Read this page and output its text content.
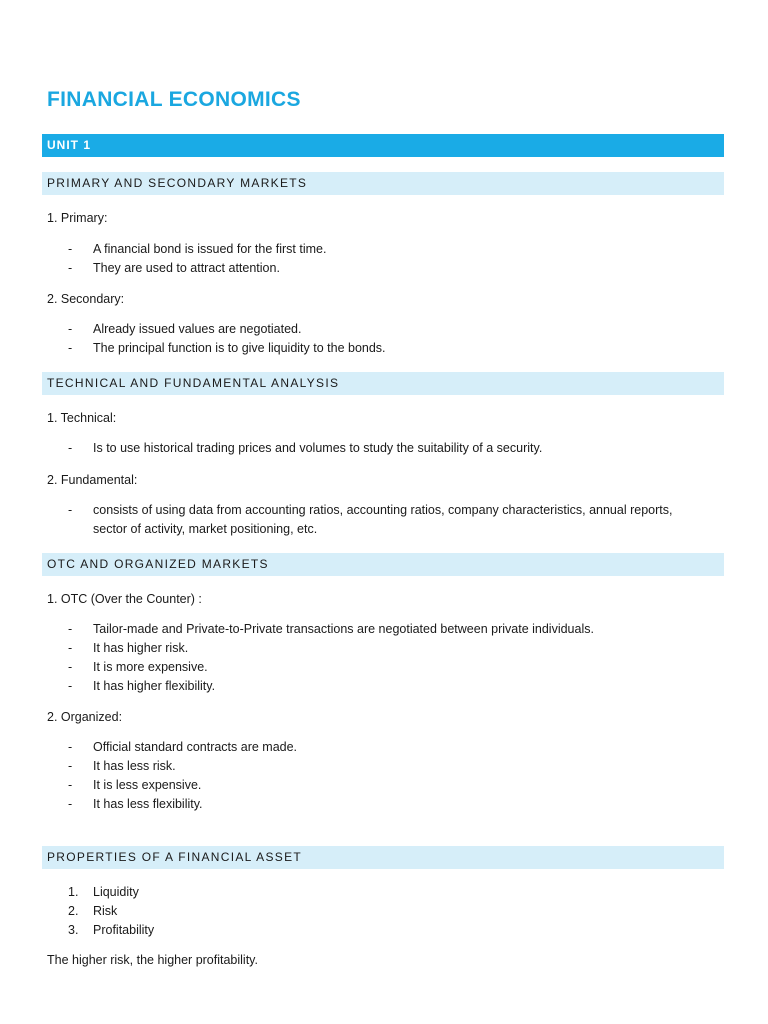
FINANCIAL ECONOMICS
UNIT 1
PRIMARY AND SECONDARY MARKETS

1. Primary:

-	A financial bond is issued for the first time.
-	They are used to attract attention.

2. Secondary:

-	Already issued values are negotiated.
-	The principal function is to give liquidity to the bonds.
TECHNICAL AND FUNDAMENTAL ANALYSIS

1. Technical:

-	Is to use historical trading prices and volumes to study the suitability of a security.

2. Fundamental:

-	consists of using data from accounting ratios, accounting ratios, company characteristics, annual reports, sector of activity, market positioning, etc.
OTC AND ORGANIZED MARKETS

1. OTC (Over the Counter) :

-	Tailor-made and Private-to-Private transactions are negotiated between private individuals.
-	It has higher risk.
-	It is more expensive.
-	It has higher flexibility.

2. Organized:

-	Official standard contracts are made.
-	It has less risk.
-	It is less expensive.
-	It has less flexibility.
PROPERTIES OF A FINANCIAL ASSET
1.	Liquidity
2.	Risk
3.	Profitability

The higher risk, the higher profitability.
